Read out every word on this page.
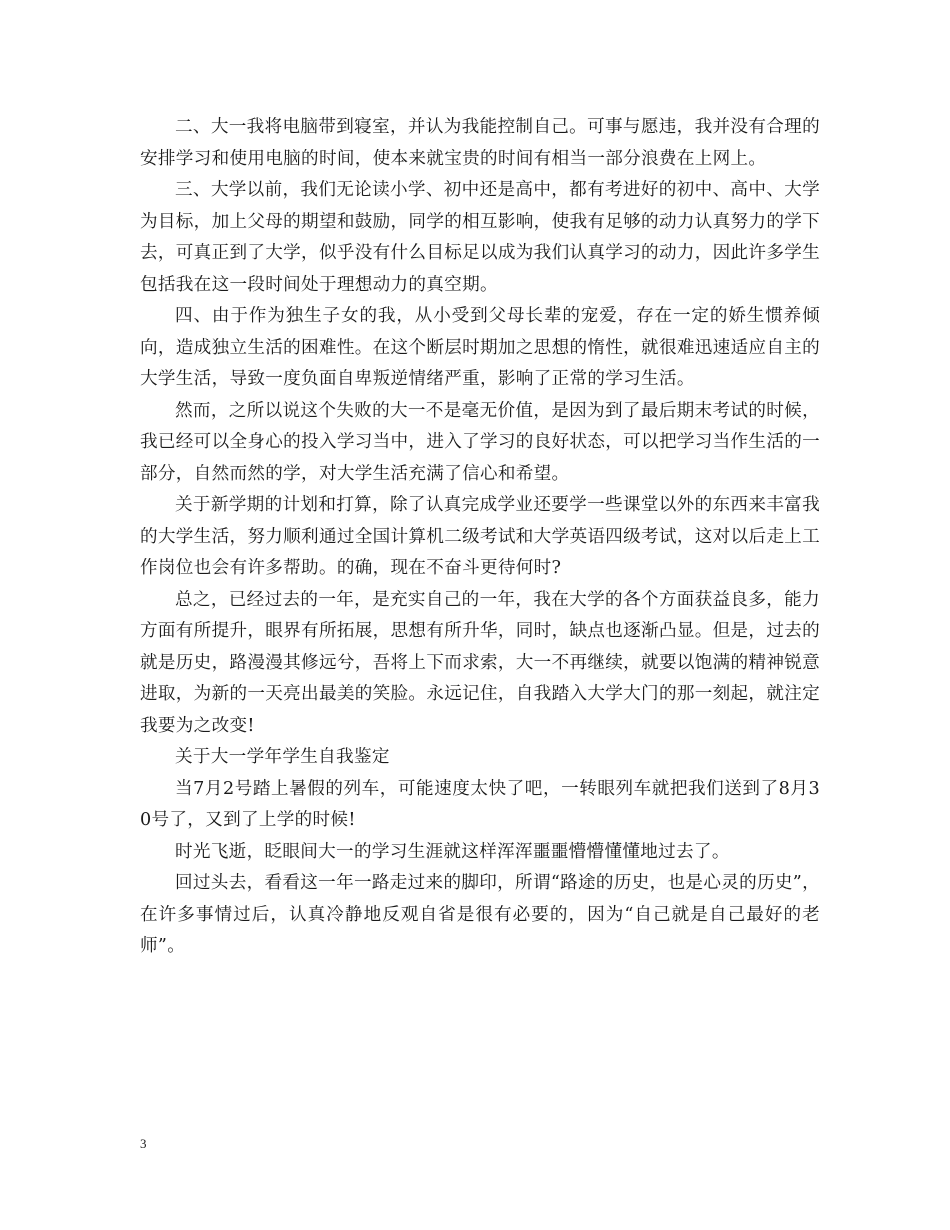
二、大一我将电脑带到寝室，并认为我能控制自己。可事与愿违，我并没有合理的安排学习和使用电脑的时间，使本来就宝贵的时间有相当一部分浪费在上网上。

三、大学以前，我们无论读小学、初中还是高中，都有考进好的初中、高中、大学为目标，加上父母的期望和鼓励，同学的相互影响，使我有足够的动力认真努力的学下去，可真正到了大学，似乎没有什么目标足以成为我们认真学习的动力，因此许多学生包括我在这一段时间处于理想动力的真空期。

四、由于作为独生子女的我，从小受到父母长辈的宠爱，存在一定的娇生惯养倾向，造成独立生活的困难性。在这个断层时期加之思想的惰性，就很难迅速适应自主的大学生活，导致一度负面自卑叛逆情绪严重，影响了正常的学习生活。

然而，之所以说这个失败的大一不是毫无价值，是因为到了最后期末考试的时候，我已经可以全身心的投入学习当中，进入了学习的良好状态，可以把学习当作生活的一部分，自然而然的学，对大学生活充满了信心和希望。

关于新学期的计划和打算，除了认真完成学业还要学一些课堂以外的东西来丰富我的大学生活，努力顺利通过全国计算机二级考试和大学英语四级考试，这对以后走上工作岗位也会有许多帮助。的确，现在不奋斗更待何时?

总之，已经过去的一年，是充实自己的一年，我在大学的各个方面获益良多，能力方面有所提升，眼界有所拓展，思想有所升华，同时，缺点也逐渐凸显。但是，过去的就是历史，路漫漫其修远兮，吾将上下而求索，大一不再继续，就要以饱满的精神锐意进取，为新的一天亮出最美的笑脸。永远记住，自我踏入大学大门的那一刻起，就注定我要为之改变!

关于大一学年学生自我鉴定

当7月2号踏上暑假的列车，可能速度太快了吧，一转眼列车就把我们送到了8月30号了，又到了上学的时候!

时光飞逝，眨眼间大一的学习生涯就这样浑浑噩噩懵懵懂懂地过去了。

回过头去，看看这一年一路走过来的脚印，所谓“路途的历史，也是心灵的历史”，在许多事情过后，认真冷静地反观自省是很有必要的，因为“自己就是自己最好的老师”。

3
